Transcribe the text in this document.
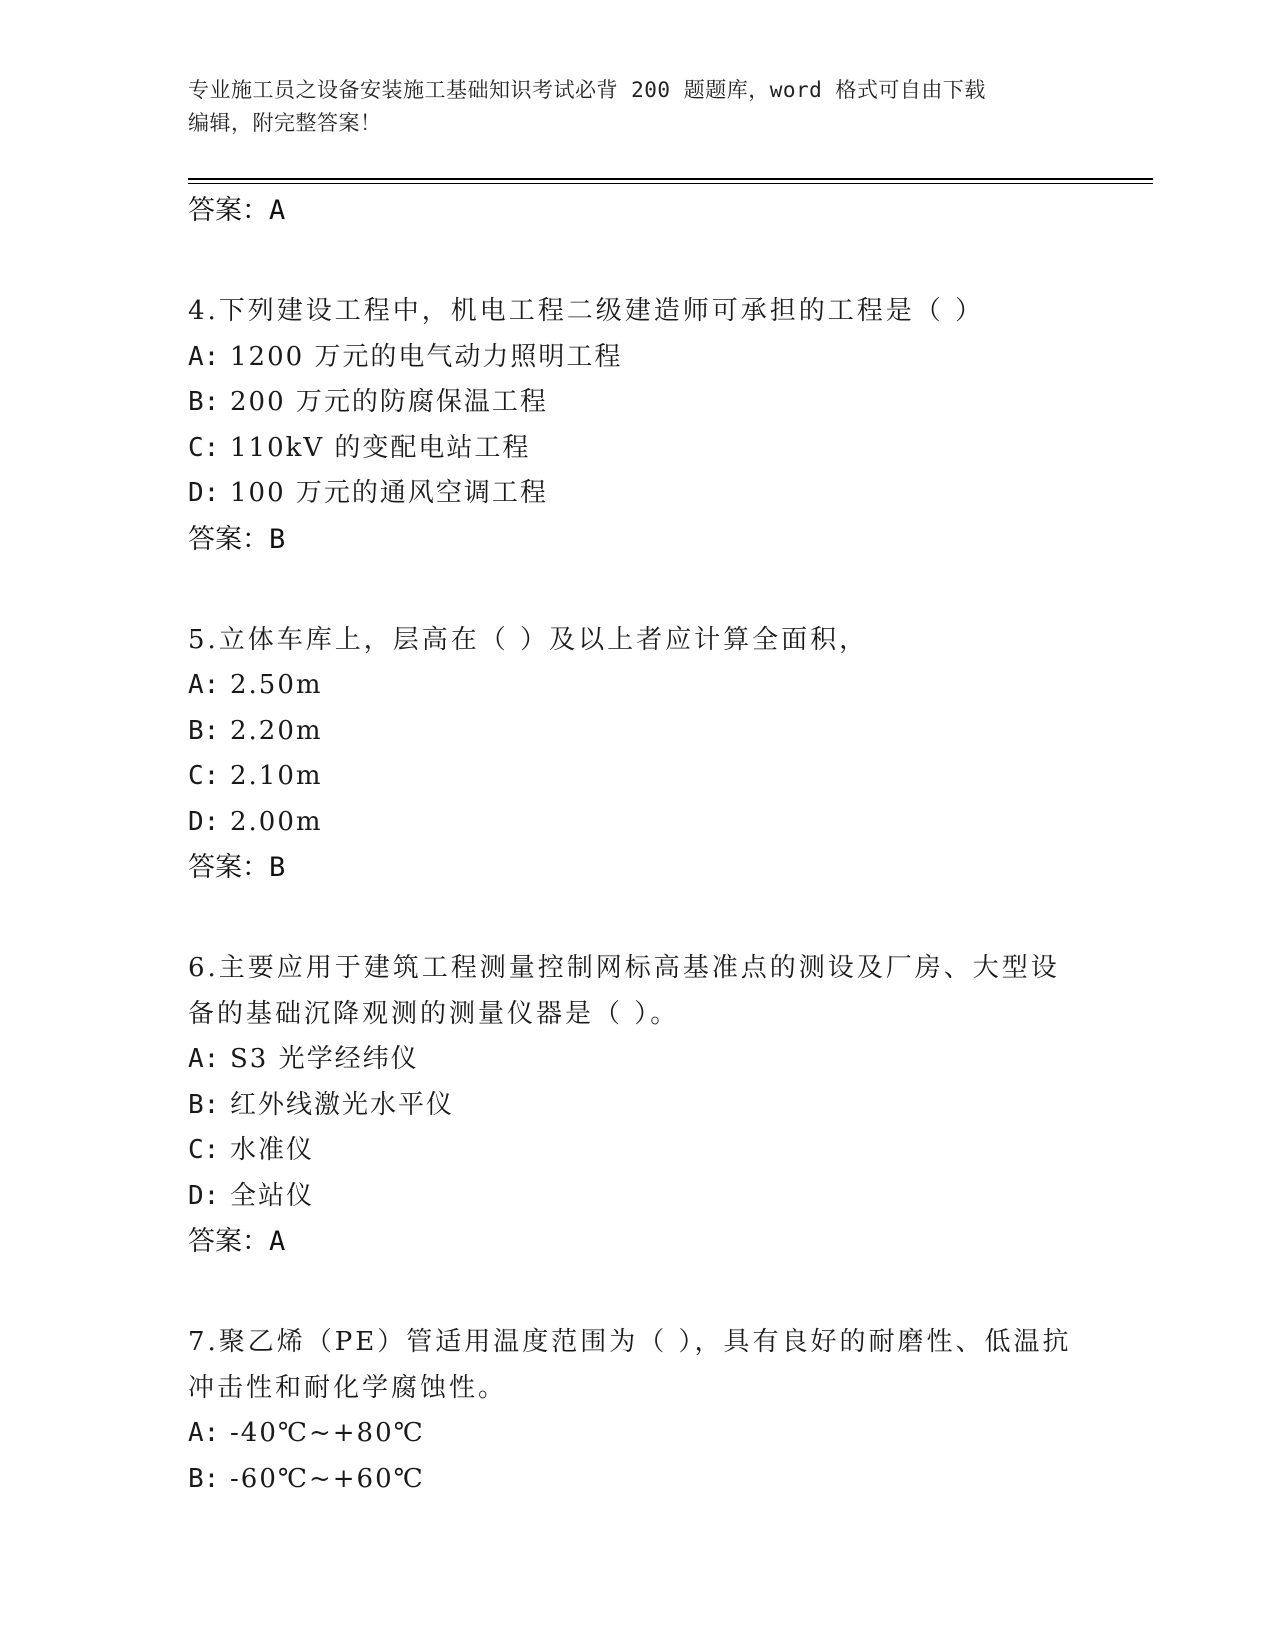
专业施工员之设备安装施工基础知识考试必背 200 题题库，word 格式可自由下载
编辑，附完整答案！
答案：A
4.下列建设工程中，机电工程二级建造师可承担的工程是（ ）
A: 1200 万元的电气动力照明工程
B: 200 万元的防腐保温工程
C: 110kV 的变配电站工程
D: 100 万元的通风空调工程
答案：B
5.立体车库上，层高在（ ）及以上者应计算全面积，
A: 2.50m
B: 2.20m
C: 2.10m
D: 2.00m
答案：B
6.主要应用于建筑工程测量控制网标高基准点的测设及厂房、大型设
备的基础沉降观测的测量仪器是（ ）。
A: S3 光学经纬仪
B: 红外线激光水平仪
C: 水准仪
D: 全站仪
答案：A
7.聚乙烯（PE）管适用温度范围为（ ），具有良好的耐磨性、低温抗
冲击性和耐化学腐蚀性。
A: -40℃~+80℃
B: -60℃~+60℃
